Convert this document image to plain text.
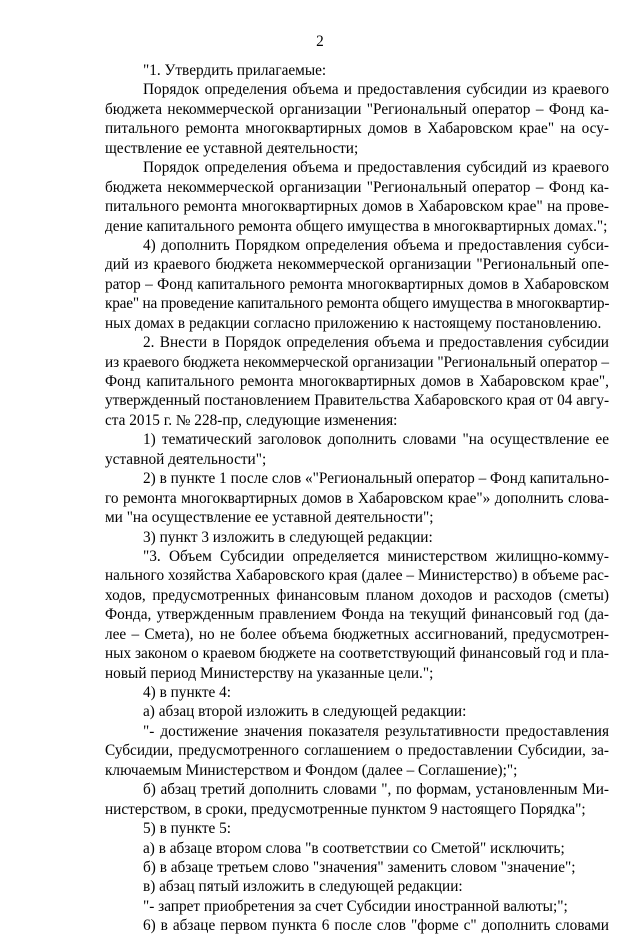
2
"1. Утвердить прилагаемые:
Порядок определения объема и предоставления субсидии из краевого
бюджета некоммерческой организации "Региональный оператор – Фонд ка-
питального ремонта многоквартирных домов в Хабаровском крае" на осу-
ществление ее уставной деятельности;
Порядок определения объема и предоставления субсидий из краевого
бюджета некоммерческой организации "Региональный оператор – Фонд ка-
питального ремонта многоквартирных домов в Хабаровском крае" на прове-
дение капитального ремонта общего имущества в многоквартирных домах.";
4) дополнить Порядком определения объема и предоставления субси-
дий из краевого бюджета некоммерческой организации "Региональный опе-
ратор – Фонд капитального ремонта многоквартирных домов в Хабаровском
крае" на проведение капитального ремонта общего имущества в многоквартир-
ных домах в редакции согласно приложению к настоящему постановлению.
2. Внести в Порядок определения объема и предоставления субсидии
из краевого бюджета некоммерческой организации "Региональный оператор –
Фонд капитального ремонта многоквартирных домов в Хабаровском крае",
утвержденный постановлением Правительства Хабаровского края от 04 авгу-
ста 2015 г. № 228-пр, следующие изменения:
1) тематический заголовок дополнить словами "на осуществление ее
уставной деятельности";
2) в пункте 1 после слов «"Региональный оператор – Фонд капитально-
го ремонта многоквартирных домов в Хабаровском крае"» дополнить слова-
ми "на осуществление ее уставной деятельности";
3) пункт 3 изложить в следующей редакции:
"3. Объем Субсидии определяется министерством жилищно-комму-
нального хозяйства Хабаровского края (далее – Министерство) в объеме рас-
ходов, предусмотренных финансовым планом доходов и расходов (сметы)
Фонда, утвержденным правлением Фонда на текущий финансовый год (да-
лее – Смета), но не более объема бюджетных ассигнований, предусмотрен-
ных законом о краевом бюджете на соответствующий финансовый год и пла-
новый период Министерству на указанные цели.";
4) в пункте 4:
а) абзац второй изложить в следующей редакции:
"- достижение значения показателя результативности предоставления
Субсидии, предусмотренного соглашением о предоставлении Субсидии, за-
ключаемым Министерством и Фондом (далее – Соглашение);";
б) абзац третий дополнить словами ", по формам, установленным Ми-
нистерством, в сроки, предусмотренные пунктом 9 настоящего Порядка";
5) в пункте 5:
а) в абзаце втором слова "в соответствии со Сметой" исключить;
б) в абзаце третьем слово "значения" заменить словом "значение";
в) абзац пятый изложить в следующей редакции:
"- запрет приобретения за счет Субсидии иностранной валюты;";
6) в абзаце первом пункта 6 после слов "форме с" дополнить словами
